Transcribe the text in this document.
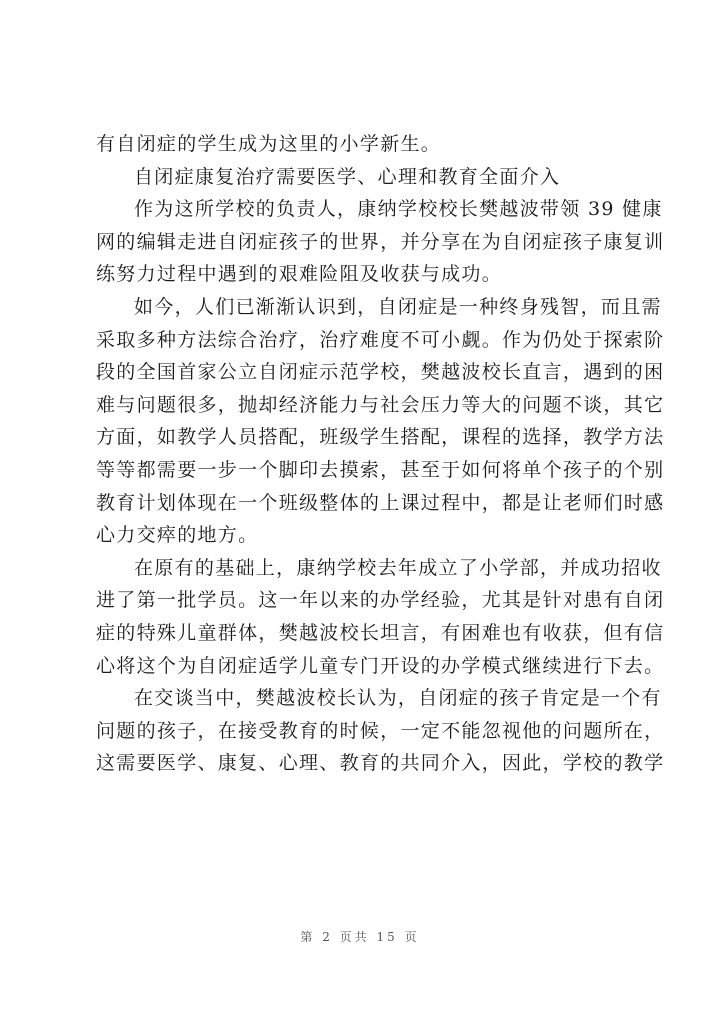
有自闭症的学生成为这里的小学新生。
自闭症康复治疗需要医学、心理和教育全面介入
作为这所学校的负责人，康纳学校校长樊越波带领 39 健康
网的编辑走进自闭症孩子的世界，并分享在为自闭症孩子康复训
练努力过程中遇到的艰难险阻及收获与成功。
如今，人们已渐渐认识到，自闭症是一种终身残智，而且需
采取多种方法综合治疗，治疗难度不可小觑。作为仍处于探索阶
段的全国首家公立自闭症示范学校，樊越波校长直言，遇到的困
难与问题很多，抛却经济能力与社会压力等大的问题不谈，其它
方面，如教学人员搭配，班级学生搭配，课程的选择，教学方法
等等都需要一步一个脚印去摸索，甚至于如何将单个孩子的个别
教育计划体现在一个班级整体的上课过程中，都是让老师们时感
心力交瘁的地方。
在原有的基础上，康纳学校去年成立了小学部，并成功招收
进了第一批学员。这一年以来的办学经验，尤其是针对患有自闭
症的特殊儿童群体，樊越波校长坦言，有困难也有收获，但有信
心将这个为自闭症适学儿童专门开设的办学模式继续进行下去。
在交谈当中，樊越波校长认为，自闭症的孩子肯定是一个有
问题的孩子，在接受教育的时候，一定不能忽视他的问题所在，
这需要医学、康复、心理、教育的共同介入，因此，学校的教学
第 2 页共 15 页
